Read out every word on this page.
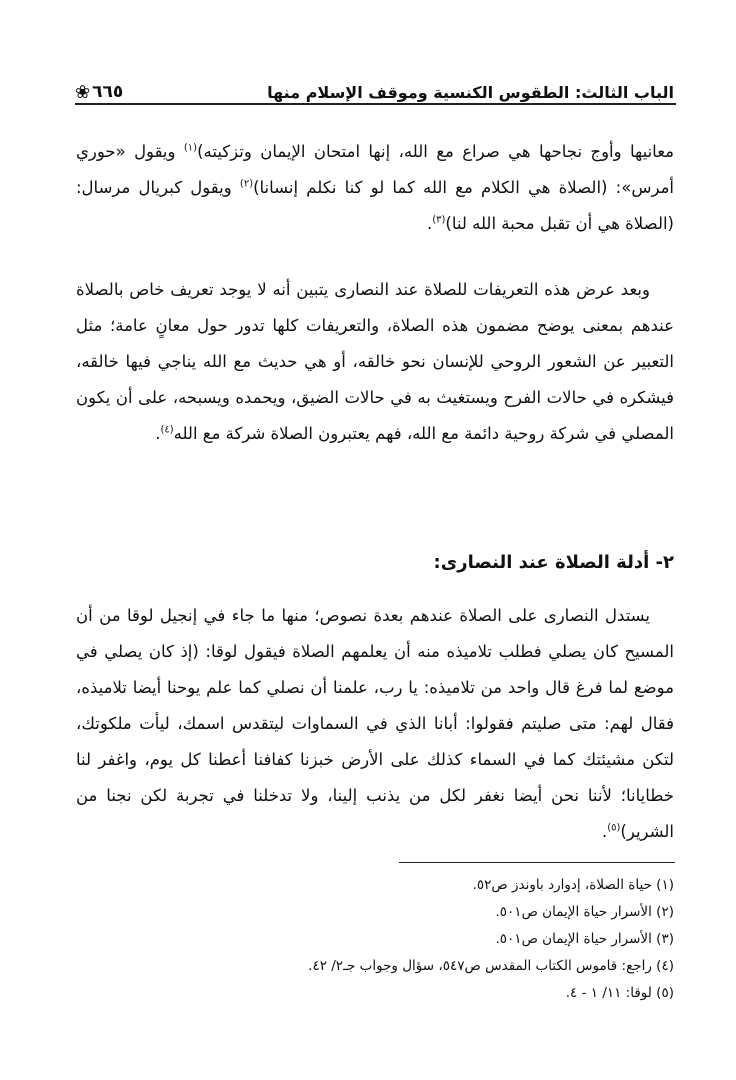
الباب الثالث: الطقوس الكنسية وموقف الإسلام منها
❀ ٦٦٥
معانيها وأوج نجاحها هي صراع مع الله، إنها امتحان الإيمان وتزكيته)$^{(١)}$ ويقول «حوري أمرس»: (الصلاة هي الكلام مع الله كما لو كنا نكلم إنسانا)$^{(٢)}$ ويقول كبريال مرسال: (الصلاة هي أن تقبل محبة الله لنا)$^{(٣)}$.
وبعد عرض هذه التعريفات للصلاة عند النصارى يتبين أنه لا يوجد تعريف خاص بالصلاة عندهم بمعنى يوضح مضمون هذه الصلاة، والتعريفات كلها تدور حول معانٍ عامة؛ مثل التعبير عن الشعور الروحي للإنسان نحو خالقه، أو هي حديث مع الله يناجي فيها خالقه، فيشكره في حالات الفرح ويستغيث به في حالات الضيق، ويحمده ويسبحه، على أن يكون المصلي في شركة روحية دائمة مع الله، فهم يعتبرون الصلاة شركة مع الله$^{(٤)}$.
٢- أدلة الصلاة عند النصارى:
يستدل النصارى على الصلاة عندهم بعدة نصوص؛ منها ما جاء في إنجيل لوقا من أن المسيح كان يصلي فطلب تلاميذه منه أن يعلمهم الصلاة فيقول لوقا: (إذ كان يصلي في موضع لما فرغ قال واحد من تلاميذه: يا رب، علمنا أن نصلي كما علم يوحنا أيضا تلاميذه، فقال لهم: متى صليتم فقولوا: أبانا الذي في السماوات ليتقدس اسمك، ليأت ملكوتك، لتكن مشيئتك كما في السماء كذلك على الأرض خبزنا كفافنا أعطنا كل يوم، واغفر لنا خطايانا؛ لأننا نحن أيضا نغفر لكل من يذنب إلينا، ولا تدخلنا في تجربة لكن نجنا من الشرير)$^{(٥)}$.
(١) حياة الصلاة، إدوارد باوندز ص٥٢.
(٢) الأسرار حياة الإيمان ص٥٠١.
(٣) الأسرار حياة الإيمان ص٥٠١.
(٤) راجع: قاموس الكتاب المقدس ص٥٤٧، سؤال وجواب جـ٢/ ٤٢.
(٥) لوقا: ١١/ ١ - ٤.
